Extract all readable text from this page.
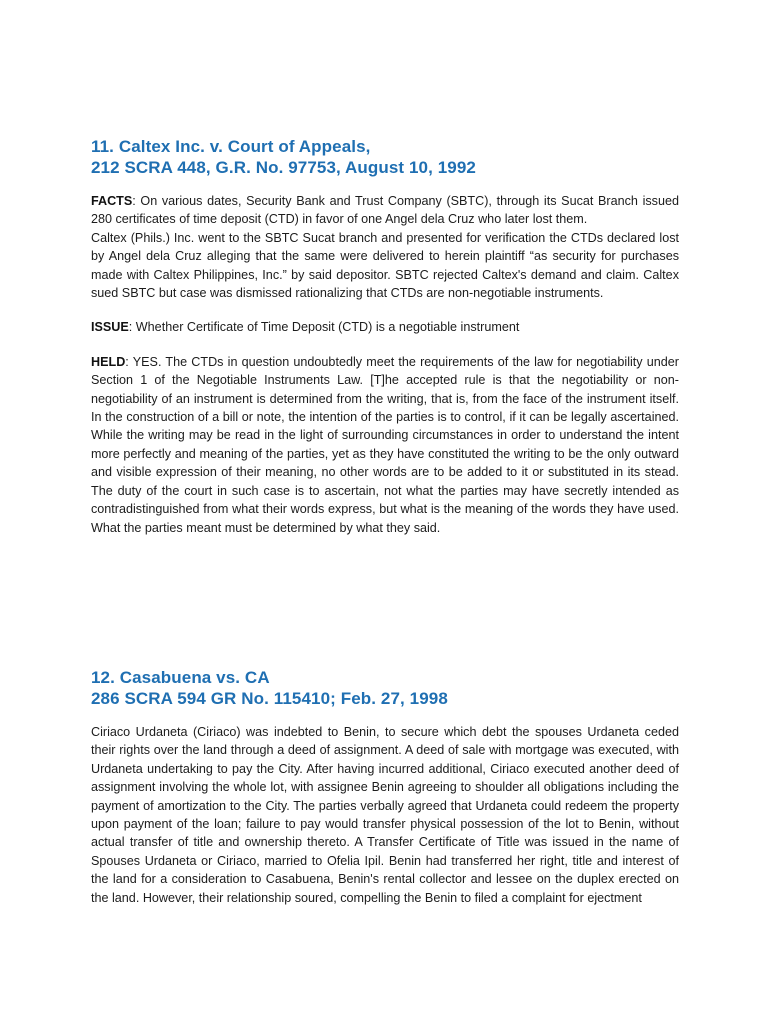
11. Caltex Inc. v. Court of Appeals,
212 SCRA 448, G.R. No. 97753, August 10, 1992

FACTS: On various dates, Security Bank and Trust Company (SBTC), through its Sucat Branch issued 280 certificates of time deposit (CTD) in favor of one Angel dela Cruz who later lost them.

Caltex (Phils.) Inc. went to the SBTC Sucat branch and presented for verification the CTDs declared lost by Angel dela Cruz alleging that the same were delivered to herein plaintiff “as security for purchases made with Caltex Philippines, Inc.” by said depositor. SBTC rejected Caltex's demand and claim. Caltex sued SBTC but case was dismissed rationalizing that CTDs are non-negotiable instruments.

ISSUE: Whether Certificate of Time Deposit (CTD) is a negotiable instrument

HELD: YES. The CTDs in question undoubtedly meet the requirements of the law for negotiability under Section 1 of the Negotiable Instruments Law. [T]he accepted rule is that the negotiability or non-negotiability of an instrument is determined from the writing, that is, from the face of the instrument itself. In the construction of a bill or note, the intention of the parties is to control, if it can be legally ascertained. While the writing may be read in the light of surrounding circumstances in order to understand the intent more perfectly and meaning of the parties, yet as they have constituted the writing to be the only outward and visible expression of their meaning, no other words are to be added to it or substituted in its stead. The duty of the court in such case is to ascertain, not what the parties may have secretly intended as contradistinguished from what their words express, but what is the meaning of the words they have used. What the parties meant must be determined by what they said.

12. Casabuena vs. CA
286 SCRA 594 GR No. 115410; Feb. 27, 1998

Ciriaco Urdaneta (Ciriaco) was indebted to Benin, to secure which debt the spouses Urdaneta ceded their rights over the land through a deed of assignment. A deed of sale with mortgage was executed, with Urdaneta undertaking to pay the City. After having incurred additional, Ciriaco executed another deed of assignment involving the whole lot, with assignee Benin agreeing to shoulder all obligations including the payment of amortization to the City. The parties verbally agreed that Urdaneta could redeem the property upon payment of the loan; failure to pay would transfer physical possession of the lot to Benin, without actual transfer of title and ownership thereto. A Transfer Certificate of Title was issued in the name of Spouses Urdaneta or Ciriaco, married to Ofelia Ipil. Benin had transferred her right, title and interest of the land for a consideration to Casabuena, Benin's rental collector and lessee on the duplex erected on the land. However, their relationship soured, compelling the Benin to filed a complaint for ejectment
